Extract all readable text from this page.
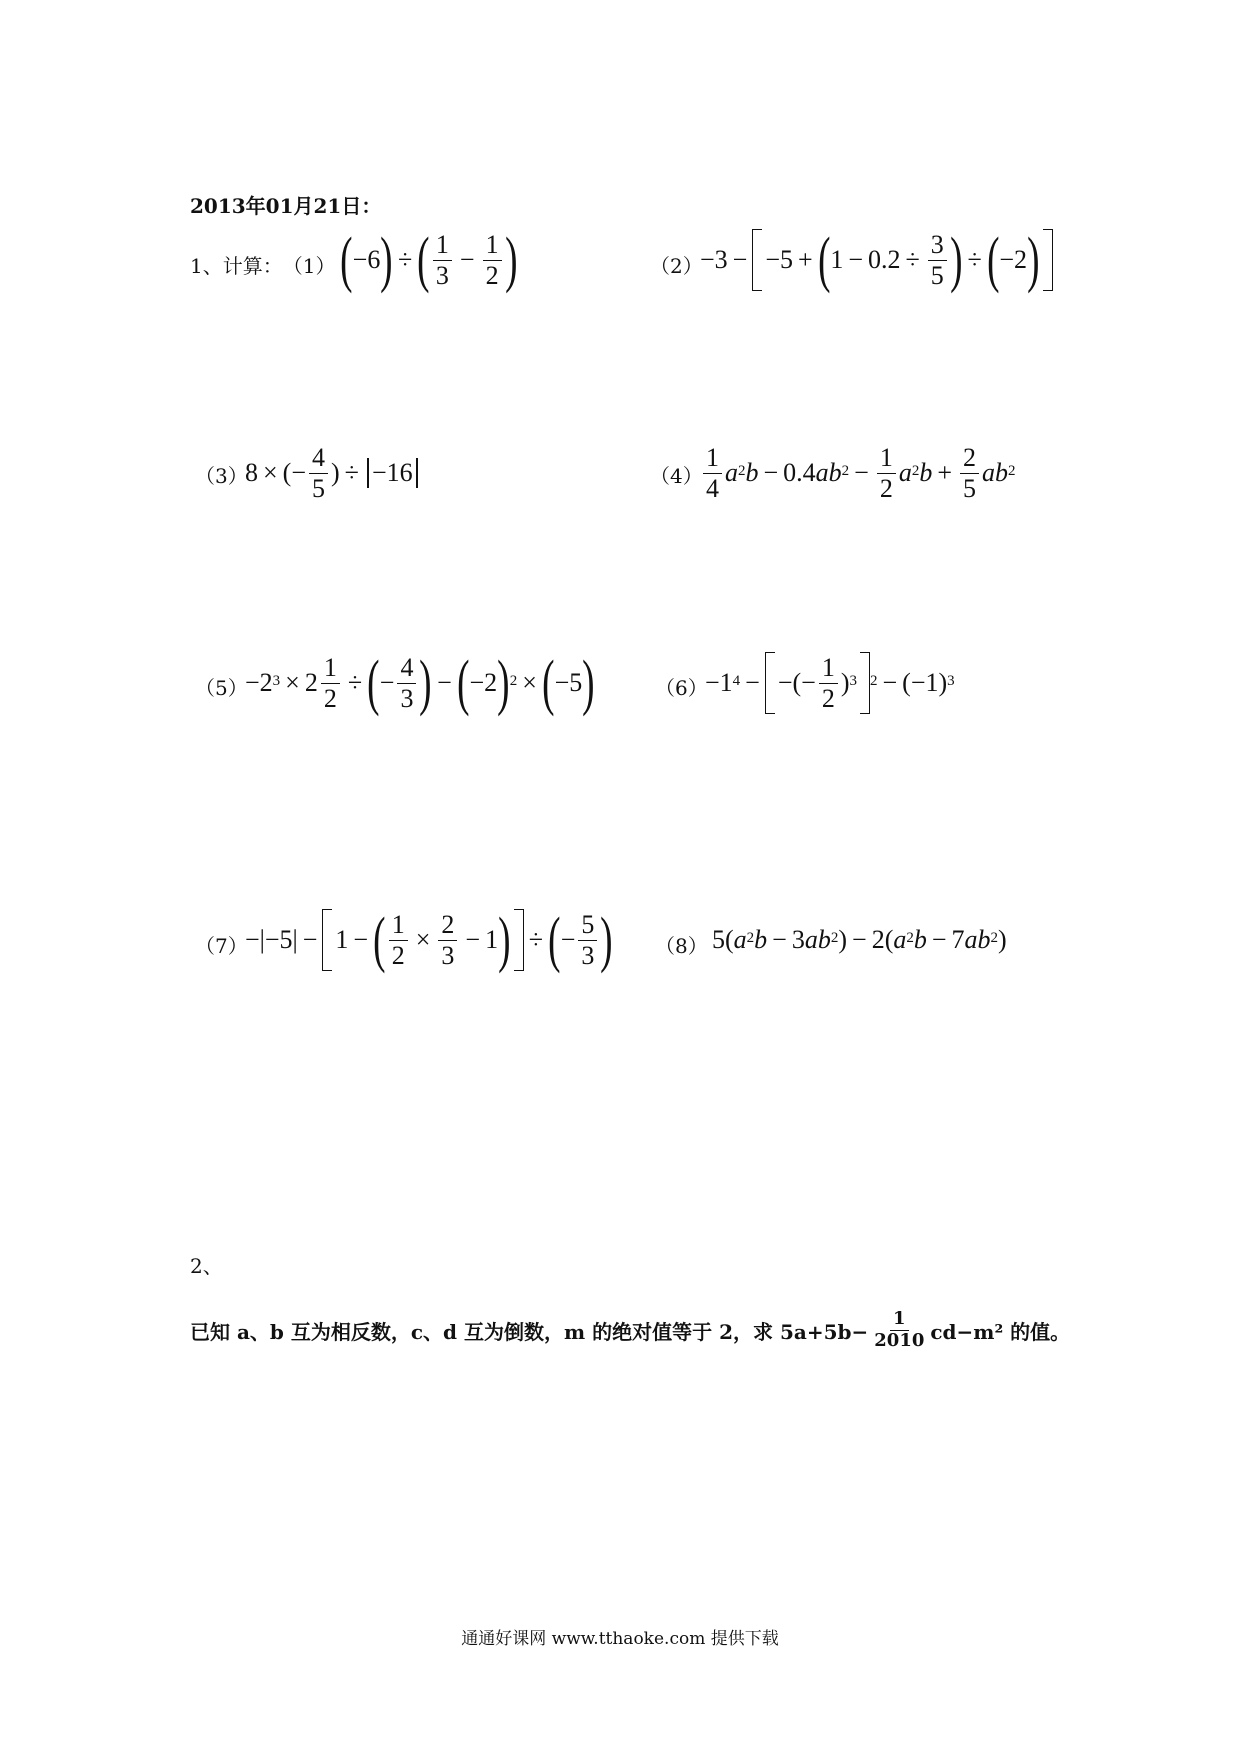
2013年01月21日：
1、计算： （1） ( −6 ) ÷ ( $\frac{1}{3} - \frac{1}{2}$ )	（2）
−3 − −5 + ( $1 - 0.2 \div \frac{3}{5}$ ) ÷ ( −2 )
（3）
8 × (− $\frac{4}{5}$ ) ÷ −16	$(4) \frac{1}{4} a^2$ b − 0.4 $ab^2 - \frac{1}{2} a^2$ $b + \frac{2}{5} ab^2$
（5）
$-2^3 \times 2 \frac{1}{2}$ ÷ ( − $\frac{4}{3}$ ) − ( −2 )$^2$ × ( −5 )	（6）
$-1^4$ − −(− $\frac{1}{2} )^3$ $^2 - (-1)^3$
（7）
−|−5| − 1 − ( $\frac{1}{2} \times \frac{2}{3} - 1$ ) ÷ ( − $\frac{5}{3}$ ) （8） 5( $a^2$ b − 3 $ab^2$ ) − 2( $a^2$ b − 7 $ab^2$ )
2、
已知 a、b 互为相反数，c、d 互为倒数，m 的绝对值等于 2，求 $5a+5b- \frac{1}{2010} cd-m^2$ 的值。
通通好课网 www.tthaoke.com 提供下载
